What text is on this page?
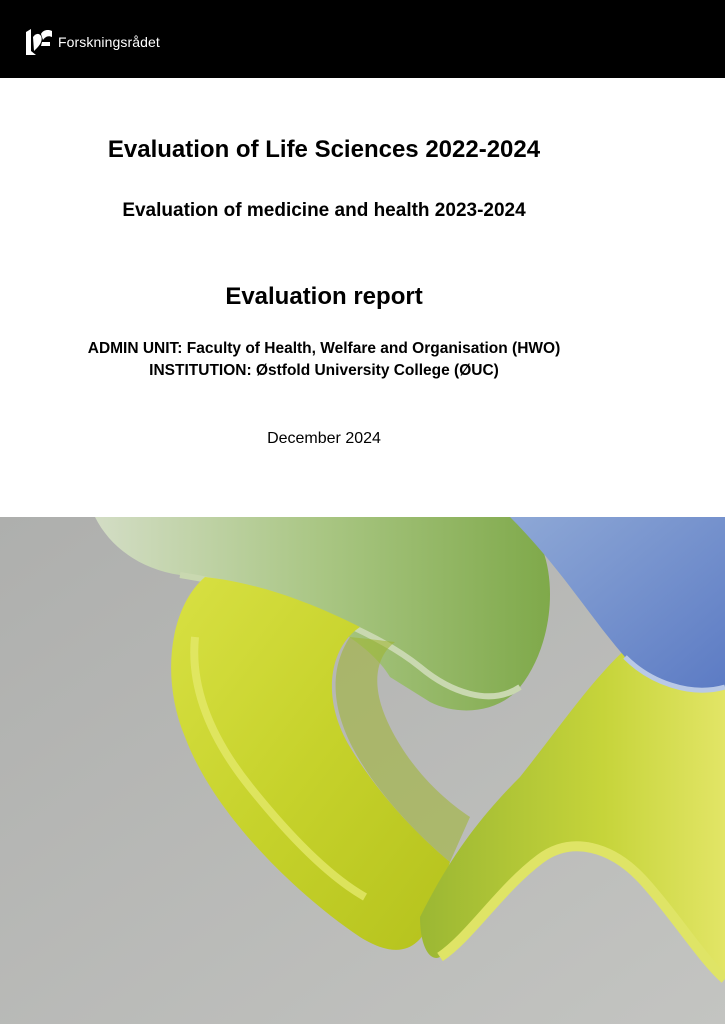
Forskningsrådet
Evaluation of Life Sciences 2022-2024
Evaluation of medicine and health 2023-2024
Evaluation report
ADMIN UNIT: Faculty of Health, Welfare and Organisation (HWO)
INSTITUTION: Østfold University College (ØUC)
December 2024
